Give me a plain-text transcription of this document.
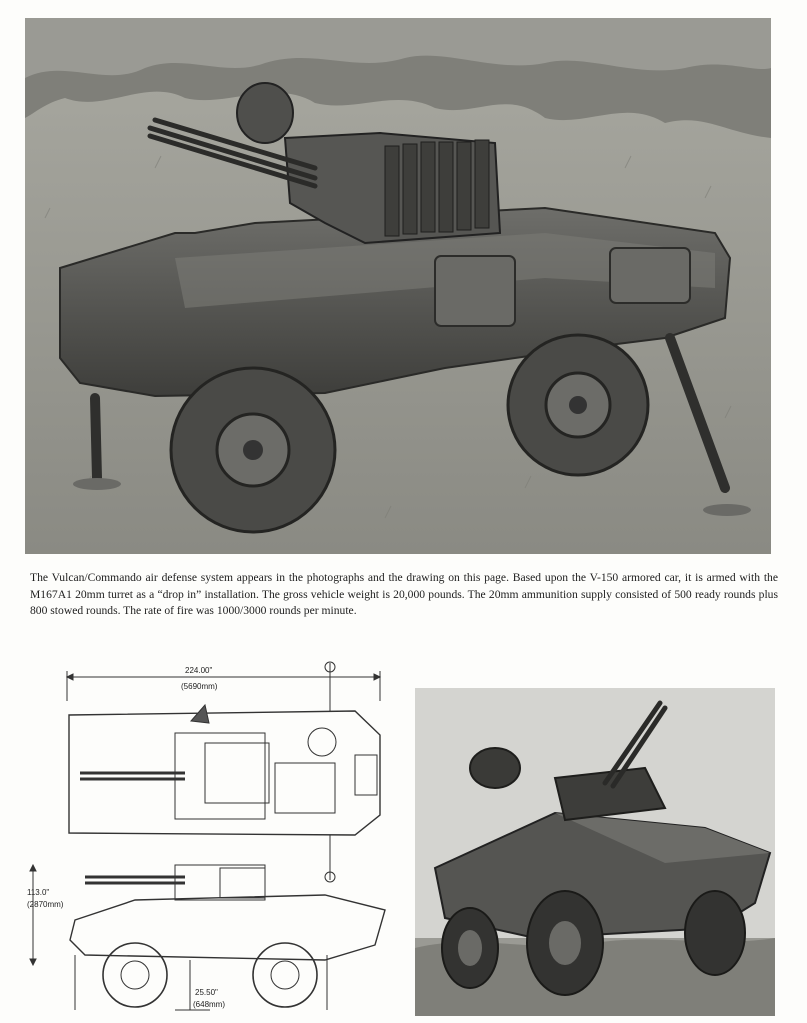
The Vulcan/Commando air defense system appears in the photographs and the drawing on this page. Based upon the V-150 armored car, it is armed with the M167A1 20mm turret as a “drop in” installation. The gross vehicle weight is 20,000 pounds. The 20mm ammunition supply consisted of 500 ready rounds plus 800 stowed rounds. The rate of fire was 1000/3000 rounds per minute.
224.00"
(5690mm)
113.0"
(2870mm)
25.50"
(648mm)
